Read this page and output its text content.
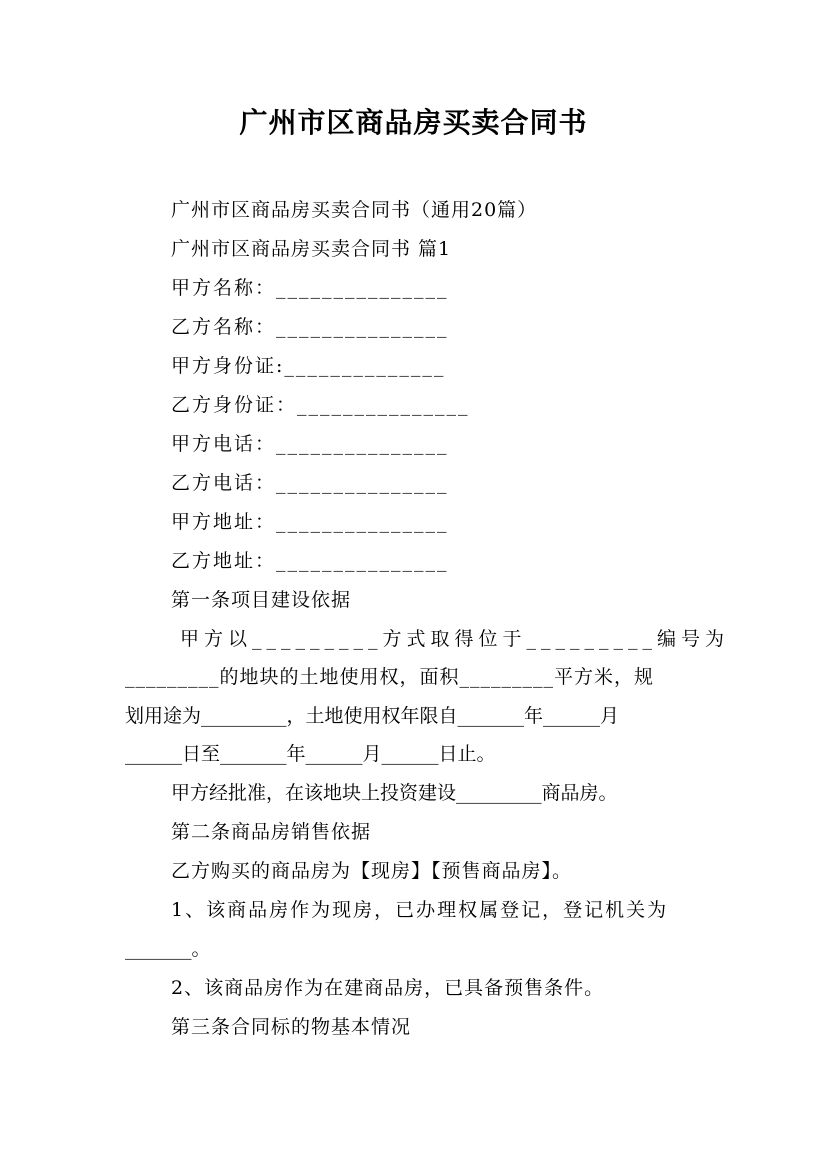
广州市区商品房买卖合同书
广州市区商品房买卖合同书（通用20篇）
广州市区商品房买卖合同书 篇1
甲方名称：_______________
乙方名称：_______________
甲方身份证:______________
乙方身份证：_______________
甲方电话：_______________
乙方电话：_______________
甲方地址：_______________
乙方地址：_______________
第一条项目建设依据
甲方以_________方式取得位于_________编号为
_________的地块的土地使用权，面积_________平方米，规
划用途为_________，土地使用权年限自_______年______月
______日至_______年______月______日止。
甲方经批准，在该地块上投资建设_________商品房。
第二条商品房销售依据
乙方购买的商品房为【现房】【预售商品房】。
1、该商品房作为现房，已办理权属登记，登记机关为
_______。
2、该商品房作为在建商品房，已具备预售条件。
第三条合同标的物基本情况
